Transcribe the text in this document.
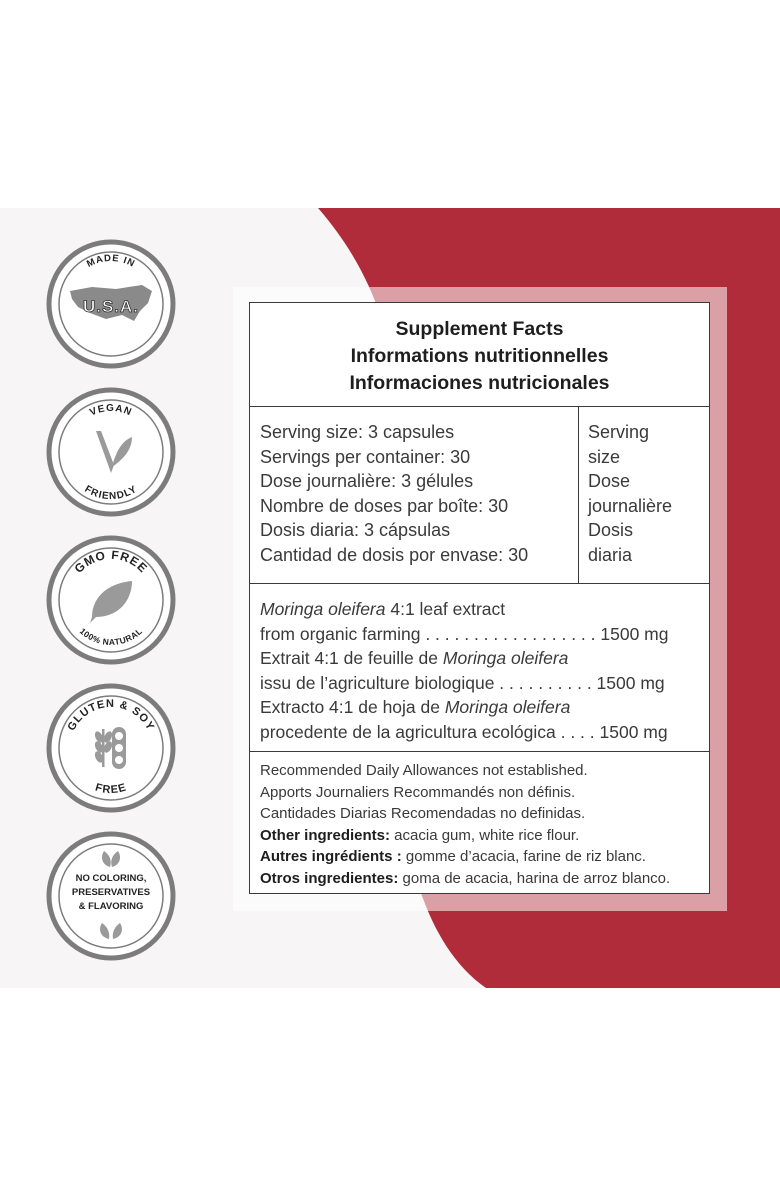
MADE IN
U.S.A.
VEGAN
FRIENDLY
GMO FREE
100% NATURAL
GLUTEN & SOY
FREE
NO COLORING,
PRESERVATIVES
& FLAVORING
Supplement Facts
Informations nutritionnelles
Informaciones nutricionales

Serving size: 3 capsules

Servings per container: 30

Dose journalière: 3 gélules

Nombre de doses par boîte: 30

Dosis diaria: 3 cápsulas

Cantidad de dosis por envase: 30

Serving

size

Dose

journalière

Dosis

diaria

Moringa oleifera 4:1 leaf extract

from organic farming . . . . . . . . . . . . . . . . . . 1500 mg

Extrait 4:1 de feuille de Moringa oleifera

issu de l’agriculture biologique . . . . . . . . . . 1500 mg

Extracto 4:1 de hoja de Moringa oleifera

procedente de la agricultura ecológica . . . . 1500 mg

Recommended Daily Allowances not established.

Apports Journaliers Recommandés non définis.

Cantidades Diarias Recomendadas no definidas.

Other ingredients: acacia gum, white rice flour.

Autres ingrédients : gomme d’acacia, farine de riz blanc.

Otros ingredientes: goma de acacia, harina de arroz blanco.
